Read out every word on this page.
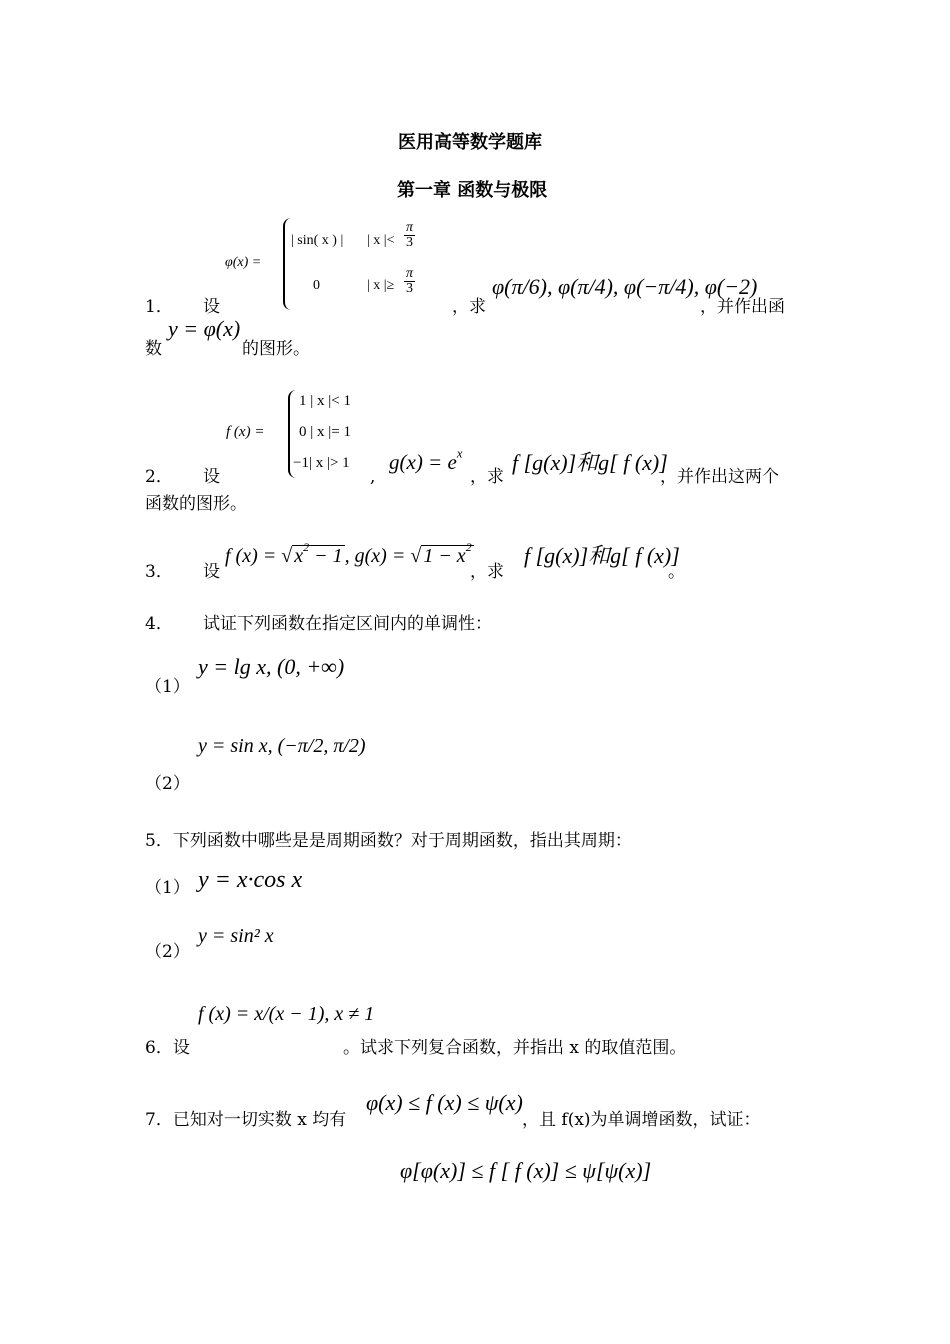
医用高等数学题库
第一章 函数与极限
1． 设
φ(x) =
| sin( x ) | | x |< $\frac{\pi}{3}$
0	| x |≥ $\frac{\pi}{3}$
，求
φ(π/6), φ(π/4), φ(−π/4), φ(−2)
，并作出函
数
y = φ(x)
的图形。
2． 设
f (x) =
1 | x |< 1
0 | x |= 1
−1| x |> 1
,
$g(x) = e^x$
，求
f [g(x)]和g[ f (x)]
，并作出这两个
函数的图形。
3． 设
f (x) = √ $x^2 - 1$ , g(x) = √ $1 - x^2$
，求
f [g(x)]和g[ f (x)]
。
4． 试证下列函数在指定区间内的单调性：
（1）
y = lg x, (0, +∞)
（2）
y = sin x, (−π/2, π/2)
5．下列函数中哪些是是周期函数？对于周期函数，指出其周期：
（1） y = x·cos x
（2）
y = sin² x
6．设
f (x) = x/(x − 1), x ≠ 1
。试求下列复合函数，并指出 x 的取值范围。
7．已知对一切实数 x 均有
φ(x) ≤ f (x) ≤ ψ(x)
，且 f(x)为单调增函数，试证：
φ[φ(x)] ≤ f [ f (x)] ≤ ψ[ψ(x)]
